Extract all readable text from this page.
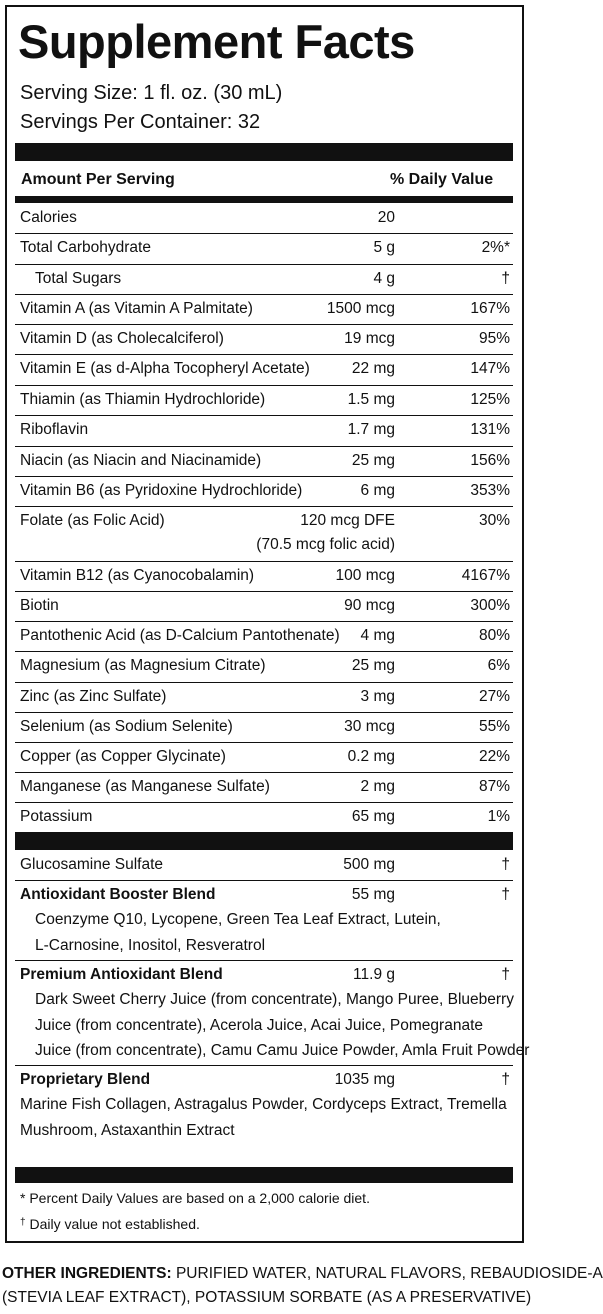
Supplement Facts
Serving Size: 1 fl. oz. (30 mL)
Servings Per Container: 32
Amount Per Serving	% Daily Value
Calories	20
Total Carbohydrate	5 g	2%*
Total Sugars	4 g	†
Vitamin A (as Vitamin A Palmitate)	1500 mcg	167%
Vitamin D (as Cholecalciferol)	19 mcg	95%
Vitamin E (as d-Alpha Tocopheryl Acetate)	22 mg	147%
Thiamin (as Thiamin Hydrochloride)	1.5 mg	125%
Riboflavin	1.7 mg	131%
Niacin (as Niacin and Niacinamide)	25 mg	156%
Vitamin B6 (as Pyridoxine Hydrochloride)	6 mg	353%
Folate (as Folic Acid)	120 mcg DFE	30%
(70.5 mcg folic acid)
Vitamin B12 (as Cyanocobalamin)	100 mcg	4167%
Biotin	90 mcg	300%
Pantothenic Acid (as D-Calcium Pantothenate) 4 mg	80%
Magnesium (as Magnesium Citrate)	25 mg	6%
Zinc (as Zinc Sulfate)	3 mg	27%
Selenium (as Sodium Selenite)	30 mcg	55%
Copper (as Copper Glycinate)	0.2 mg	22%
Manganese (as Manganese Sulfate)	2 mg	87%
Potassium	65 mg	1%
Glucosamine Sulfate	500 mg	†
Antioxidant Booster Blend	55 mg	†
Coenzyme Q10, Lycopene, Green Tea Leaf Extract, Lutein,
L-Carnosine, Inositol, Resveratrol
Premium Antioxidant Blend	11.9 g	†
Dark Sweet Cherry Juice (from concentrate), Mango Puree, Blueberry
Juice (from concentrate), Acerola Juice, Acai Juice, Pomegranate
Juice (from concentrate), Camu Camu Juice Powder, Amla Fruit Powder
Proprietary Blend	1035 mg	†
Marine Fish Collagen, Astragalus Powder, Cordyceps Extract, Tremella
Mushroom, Astaxanthin Extract
* Percent Daily Values are based on a 2,000 calorie diet.
† Daily value not established.
OTHER INGREDIENTS: PURIFIED WATER, NATURAL FLAVORS, REBAUDIOSIDE-A
(STEVIA LEAF EXTRACT), POTASSIUM SORBATE (AS A PRESERVATIVE)
